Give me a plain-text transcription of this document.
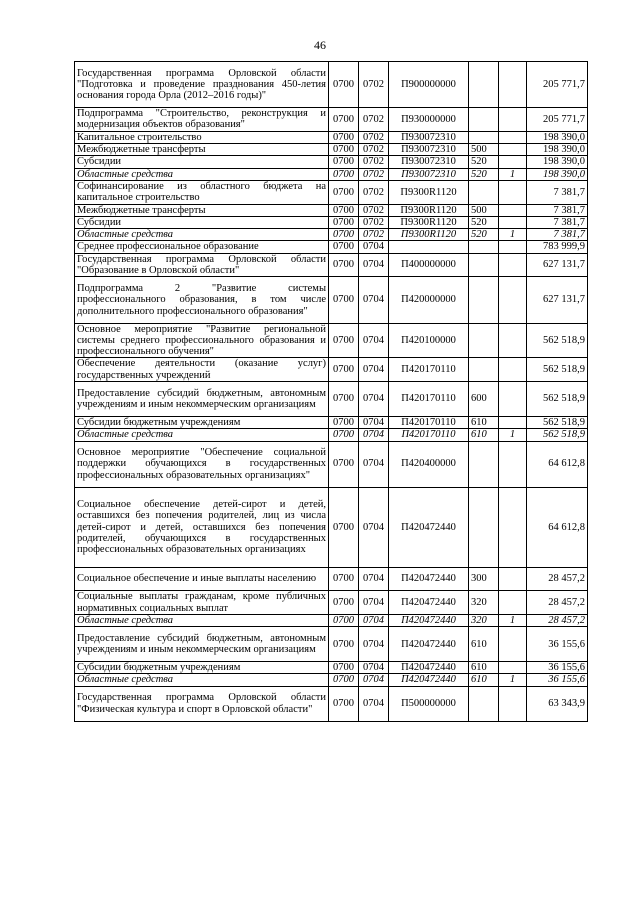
46
Государственная программа Орловской области "Подготовка и проведение празднования 450-летия основания города Орла (2012–2016 годы)"	0700	0702	П900000000			205 771,7
Подпрограмма "Строительство, реконструкция и модернизация объектов образования"	0700	0702	П930000000			205 771,7
Капитальное строительство	0700	0702	П930072310			198 390,0
Межбюджетные трансферты	0700	0702	П930072310	500		198 390,0
Субсидии	0700	0702	П930072310	520		198 390,0
Областные средства	0700	0702	П930072310	520	1	198 390,0
Софинансирование из областного бюджета на капитальное строительство	0700	0702	П9300R1120			7 381,7
Межбюджетные трансферты	0700	0702	П9300R1120	500		7 381,7
Субсидии	0700	0702	П9300R1120	520		7 381,7
Областные средства	0700	0702	П9300R1120	520	1	7 381,7
Среднее профессиональное образование	0700	0704				783 999,9
Государственная программа Орловской области "Образование в Орловской области"	0700	0704	П400000000			627 131,7
Подпрограмма 2 "Развитие системы профессионального образования, в том числе дополнительного профессионального образования"	0700	0704	П420000000			627 131,7
Основное мероприятие "Развитие региональной системы среднего профессионального образования и профессионального обучения"	0700	0704	П420100000			562 518,9
Обеспечение деятельности (оказание услуг) государственных учреждений	0700	0704	П420170110			562 518,9
Предоставление субсидий бюджетным, автономным учреждениям и иным некоммерческим организациям	0700	0704	П420170110	600		562 518,9
Субсидии бюджетным учреждениям	0700	0704	П420170110	610		562 518,9
Областные средства	0700	0704	П420170110	610	1	562 518,9
Основное мероприятие "Обеспечение социальной поддержки обучающихся в государственных профессиональных образовательных организациях"	0700	0704	П420400000			64 612,8
Социальное обеспечение детей-сирот и детей, оставшихся без попечения родителей, лиц из числа детей-сирот и детей, оставшихся без попечения родителей, обучающихся в государственных профессиональных образовательных организациях	0700	0704	П420472440			64 612,8
Социальное обеспечение и иные выплаты населению	0700	0704	П420472440	300		28 457,2
Социальные выплаты гражданам, кроме публичных нормативных социальных выплат	0700	0704	П420472440	320		28 457,2
Областные средства	0700	0704	П420472440	320	1	28 457,2
Предоставление субсидий бюджетным, автономным учреждениям и иным некоммерческим организациям	0700	0704	П420472440	610		36 155,6
Субсидии бюджетным учреждениям	0700	0704	П420472440	610		36 155,6
Областные средства	0700	0704	П420472440	610	1	36 155,6
Государственная программа Орловской области "Физическая культура и спорт в Орловской области"	0700	0704	П500000000			63 343,9
